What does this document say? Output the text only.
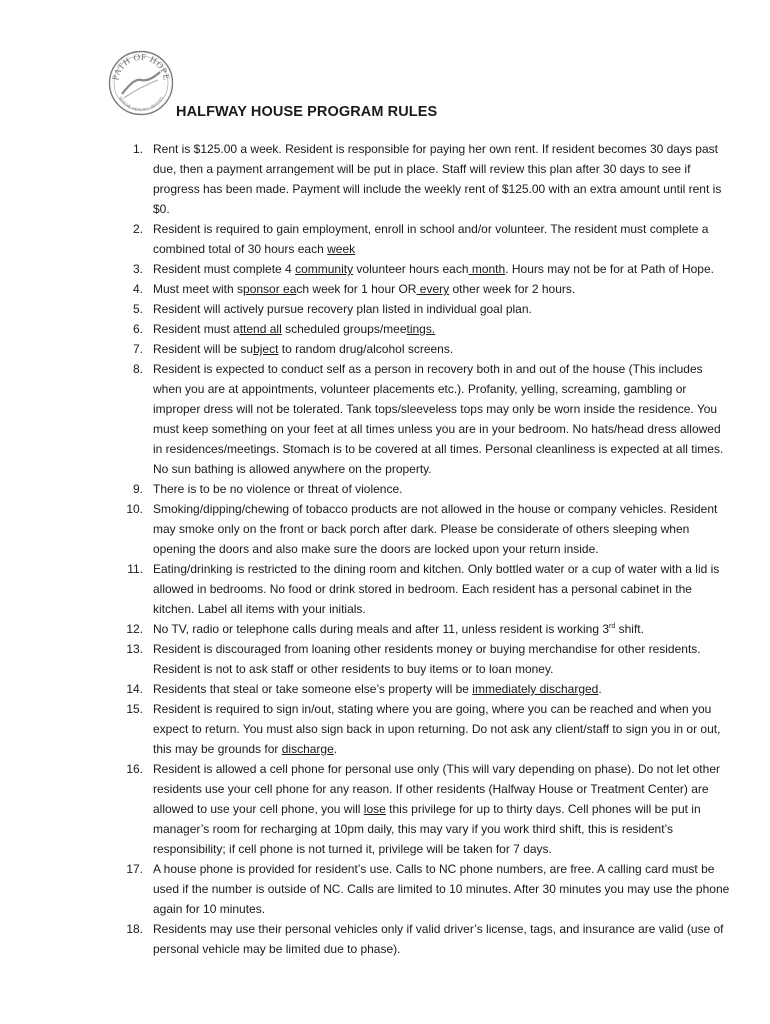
PATH OF HOPE
WHERE HEALING BEGINS
HALFWAY HOUSE PROGRAM RULES
1. Rent is $125.00 a week. Resident is responsible for paying her own rent. If resident becomes 30 days past due, then a payment arrangement will be put in place. Staff will review this plan after 30 days to see if progress has been made. Payment will include the weekly rent of $125.00 with an extra amount until rent is $0.
2. Resident is required to gain employment, enroll in school and/or volunteer. The resident must complete a combined total of 30 hours each week
3. Resident must complete 4 community volunteer hours each month. Hours may not be for at Path of Hope.
4. Must meet with sponsor each week for 1 hour OR every other week for 2 hours.
5. Resident will actively pursue recovery plan listed in individual goal plan.
6. Resident must attend all scheduled groups/meetings.
7. Resident will be subject to random drug/alcohol screens.
8. Resident is expected to conduct self as a person in recovery both in and out of the house (This includes when you are at appointments, volunteer placements etc.). Profanity, yelling, screaming, gambling or improper dress will not be tolerated. Tank tops/sleeveless tops may only be worn inside the residence. You must keep something on your feet at all times unless you are in your bedroom. No hats/head dress allowed in residences/meetings. Stomach is to be covered at all times. Personal cleanliness is expected at all times. No sun bathing is allowed anywhere on the property.
9. There is to be no violence or threat of violence.
10. Smoking/dipping/chewing of tobacco products are not allowed in the house or company vehicles. Resident may smoke only on the front or back porch after dark. Please be considerate of others sleeping when opening the doors and also make sure the doors are locked upon your return inside.
11. Eating/drinking is restricted to the dining room and kitchen. Only bottled water or a cup of water with a lid is allowed in bedrooms. No food or drink stored in bedroom. Each resident has a personal cabinet in the kitchen. Label all items with your initials.
12. No TV, radio or telephone calls during meals and after 11, unless resident is working 3rd shift.
13. Resident is discouraged from loaning other residents money or buying merchandise for other residents. Resident is not to ask staff or other residents to buy items or to loan money.
14. Residents that steal or take someone else’s property will be immediately discharged.
15. Resident is required to sign in/out, stating where you are going, where you can be reached and when you expect to return. You must also sign back in upon returning. Do not ask any client/staff to sign you in or out, this may be grounds for discharge.
16. Resident is allowed a cell phone for personal use only (This will vary depending on phase). Do not let other residents use your cell phone for any reason. If other residents (Halfway House or Treatment Center) are allowed to use your cell phone, you will lose this privilege for up to thirty days. Cell phones will be put in manager’s room for recharging at 10pm daily, this may vary if you work third shift, this is resident’s responsibility; if cell phone is not turned it, privilege will be taken for 7 days.
17. A house phone is provided for resident’s use. Calls to NC phone numbers, are free. A calling card must be used if the number is outside of NC. Calls are limited to 10 minutes. After 30 minutes you may use the phone again for 10 minutes.
18. Residents may use their personal vehicles only if valid driver’s license, tags, and insurance are valid (use of personal vehicle may be limited due to phase).
